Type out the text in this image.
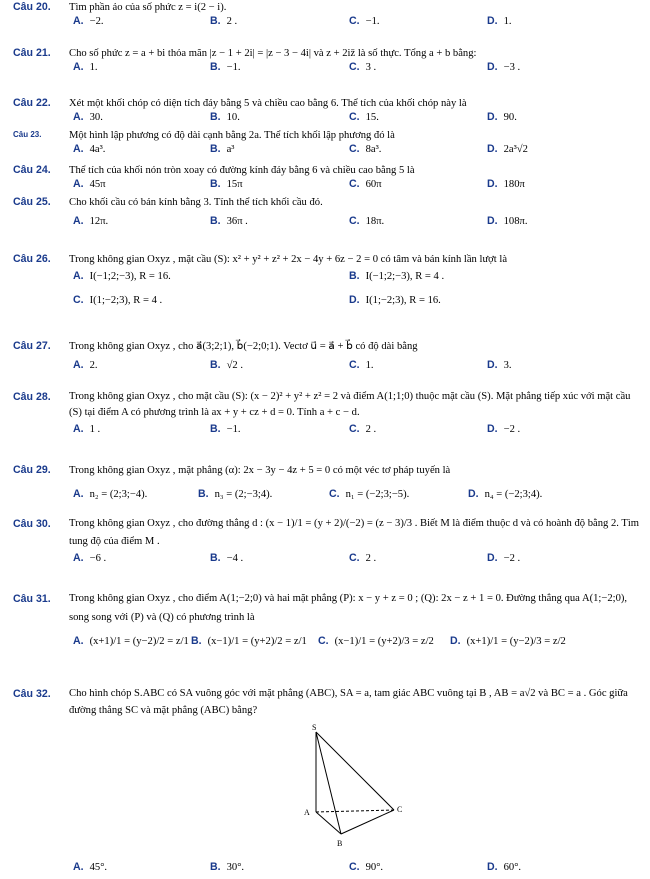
Câu 20. Tìm phần ảo của số phức z = i(2 − i).
A. −2.	B. 2 .	C. −1.	D. 1.
Câu 21. Cho số phức z = a + bi thỏa mãn |z − 1 + 2i| = |z − 3 − 4i| và z + 2iz̄ là số thực. Tổng a + b bằng:
A. 1.	B. −1.	C. 3 .	D. −3 .
Câu 22. Xét một khối chóp có diện tích đáy bằng 5 và chiều cao bằng 6. Thể tích của khối chóp này là
A. 30.	B. 10.	C. 15.	D. 90.
Câu 23.	Một hình lập phương có độ dài cạnh bằng 2a. Thể tích khối lập phương đó là
A. 4a³.	B. a³	C. 8a³.	D. 2a³√2
Câu 24. Thể tích của khối nón tròn xoay có đường kính đáy bằng 6 và chiều cao bằng 5 là
A. 45π	B. 15π	C. 60π	D. 180π
Câu 25. Cho khối cầu có bán kính bằng 3. Tính thể tích khối cầu đó.
A. 12π.	B. 36π .	C. 18π.	D. 108π.
Câu 26. Trong không gian Oxyz , mặt cầu (S): x² + y² + z² + 2x − 4y + 6z − 2 = 0 có tâm và bán kính lần lượt là
A. I(−1;2;−3), R = 16.	B. I(−1;2;−3), R = 4 .
C. I(1;−2;3), R = 4 .	D. I(1;−2;3), R = 16.
Câu 27. Trong không gian Oxyz , cho a⃗(3;2;1), b⃗(−2;0;1). Vectơ u⃗ = a⃗ + b⃗ có độ dài bằng
A. 2.	B. √2 .	C. 1.	D. 3.
Câu 28. Trong không gian Oxyz , cho mặt cầu (S): (x − 2)² + y² + z² = 2 và điểm A(1;1;0) thuộc mặt cầu (S). Mặt phẳng tiếp xúc với mặt cầu (S) tại điểm A có phương trình là ax + y + cz + d = 0. Tính a + c − d.
A. 1 .	B. −1.	C. 2 .	D. −2 .
Câu 29. Trong không gian Oxyz , mặt phẳng (α): 2x − 3y − 4z + 5 = 0 có một véc tơ pháp tuyến là
A. n₂ = (2;3;−4).	B. n₃ = (2;−3;4).	C. n₁ = (−2;3;−5).	D. n₄ = (−2;3;4).
Câu 30. Trong không gian Oxyz , cho đường thẳng d : (x − 1)/1 = (y + 2)/(−2) = (z − 3)/3 . Biết M là điểm thuộc d và có hoành độ bằng 2. Tìm tung độ của điểm M .
A. −6 .	B. −4 .	C. 2 .	D. −2 .
Câu 31. Trong không gian Oxyz , cho điểm A(1;−2;0) và hai mặt phẳng (P): x − y + z = 0 ; (Q): 2x − z + 1 = 0. Đường thẳng qua A(1;−2;0), song song với (P) và (Q) có phương trình là
A. (x+1)/1 = (y−2)/2 = z/1 B. (x−1)/1 = (y+2)/2 = z/1 C. (x−1)/1 = (y+2)/3 = z/2 D. (x+1)/1 = (y−2)/3 = z/2
Câu 32. Cho hình chóp S.ABC có SA vuông góc với mặt phẳng (ABC), SA = a, tam giác ABC vuông tại B , AB = a√2 và BC = a . Góc giữa đường thẳng SC và mặt phẳng (ABC) bằng?
S
A	C
B
A. 45°.	B. 30°.	C. 90°.	D. 60°.
